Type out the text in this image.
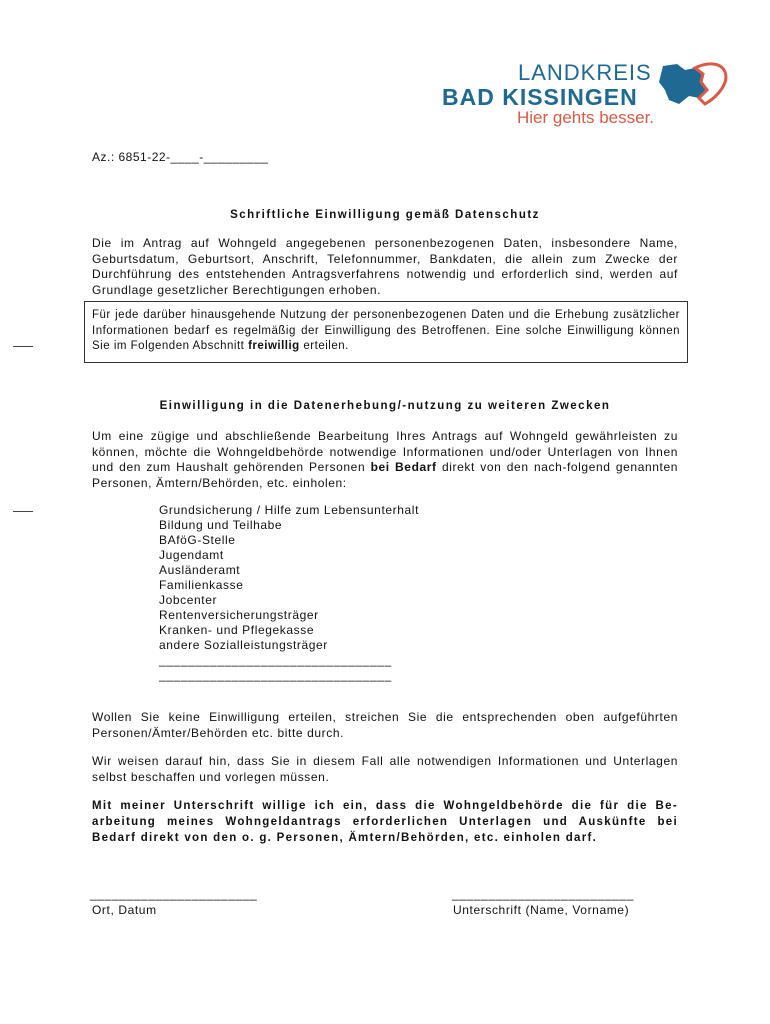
LANDKREIS
BAD KISSINGEN
Hier gehts besser.
Az.: 6851-22-____-_________
Schriftliche Einwilligung gemäß Datenschutz
Die im Antrag auf Wohngeld angegebenen personenbezogenen Daten, insbesondere Name, Geburtsdatum, Geburtsort, Anschrift, Telefonnummer, Bankdaten, die allein zum Zwecke der Durchführung des entstehenden Antragsverfahrens notwendig und erforderlich sind, werden auf Grundlage gesetzlicher Berechtigungen erhoben.

Für jede darüber hinausgehende Nutzung der personenbezogenen Daten und die Erhebung zusätzlicher Informationen bedarf es regelmäßig der Einwilligung des Betroffenen. Eine solche Einwilligung können Sie im Folgenden Abschnitt freiwillig erteilen.

Einwilligung in die Datenerhebung/-nutzung zu weiteren Zwecken
Um eine zügige und abschließende Bearbeitung Ihres Antrags auf Wohngeld gewährleisten zu können, möchte die Wohngeldbehörde notwendige Informationen und/oder Unterlagen von Ihnen und den zum Haushalt gehörenden Personen bei Bedarf direkt von den nach-folgend genannten Personen, Ämtern/Behörden, etc. einholen:
Grundsicherung / Hilfe zum Lebensunterhalt
Bildung und Teilhabe
BAföG-Stelle
Jugendamt
Ausländeramt
Familienkasse
Jobcenter
Rentenversicherungsträger
Kranken- und Pflegekasse
andere Sozialleistungsträger
________________________________
________________________________
Wollen Sie keine Einwilligung erteilen, streichen Sie die entsprechenden oben aufgeführten Personen/Ämter/Behörden etc. bitte durch.
Wir weisen darauf hin, dass Sie in diesem Fall alle notwendigen Informationen und Unterlagen selbst beschaffen und vorlegen müssen.
Mit meiner Unterschrift willige ich ein, dass die Wohngeldbehörde die für die Be-arbeitung meines Wohngeldantrags erforderlichen Unterlagen und Auskünfte bei Bedarf direkt von den o. g. Personen, Ämtern/Behörden, etc. einholen darf.
_______________________
Ort, Datum
_________________________
Unterschrift (Name, Vorname)
